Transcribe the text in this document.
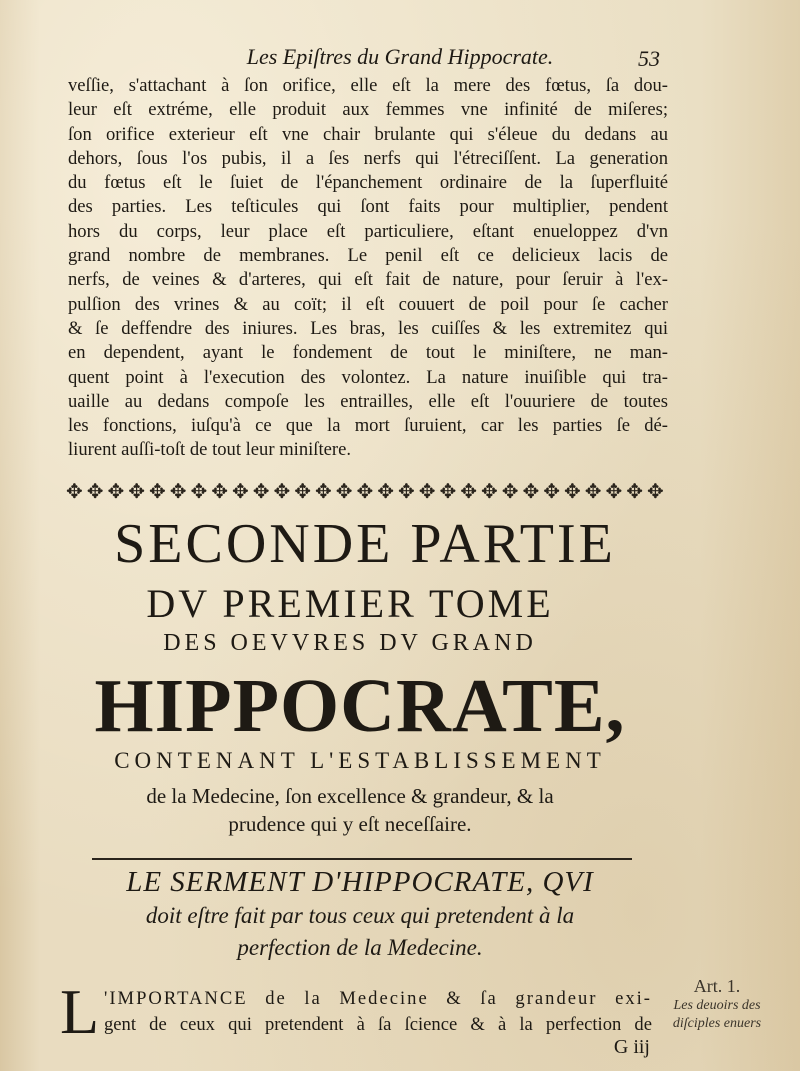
Les Epiſtres du Grand Hippocrate.	53
veſſie, s'attachant à ſon orifice, elle eſt la mere des fœtus, ſa dou-
leur eſt extréme, elle produit aux femmes vne infinité de miſeres;
ſon orifice exterieur eſt vne chair brulante qui s'éleue du dedans au
dehors, ſous l'os pubis, il a ſes nerfs qui l'étreciſſent. La generation
du fœtus eſt le ſuiet de l'épanchement ordinaire de la ſuperfluité
des parties. Les teſticules qui ſont faits pour multiplier, pendent
hors du corps, leur place eſt particuliere, eſtant enueloppez d'vn
grand nombre de membranes. Le penil eſt ce delicieux lacis de
nerfs, de veines & d'arteres, qui eſt fait de nature, pour ſeruir à l'ex-
pulſion des vrines & au coït; il eſt couuert de poil pour ſe cacher
& ſe deffendre des iniures. Les bras, les cuiſſes & les extremitez qui
en dependent, ayant le fondement de tout le miniſtere, ne man-
quent point à l'execution des volontez. La nature inuiſible qui tra-
uaille au dedans compoſe les entrailles, elle eſt l'ouuriere de toutes
les fonctions, iuſqu'à ce que la mort ſuruient, car les parties ſe dé-
liurent auſſi-toſt de tout leur miniſtere.
✥ ✥ ✥ ✥ ✥ ✥ ✥ ✥ ✥ ✥ ✥ ✥ ✥ ✥ ✥ ✥ ✥ ✥ ✥ ✥ ✥ ✥ ✥ ✥ ✥ ✥ ✥ ✥ ✥
SECONDE PARTIE
DV PREMIER TOME
DES OEVVRES DV GRAND
HIPPOCRATE,
CONTENANT L'ESTABLISSEMENT
de la Medecine, ſon excellence & grandeur, & la
prudence qui y eſt neceſſaire.
LE SERMENT D'HIPPOCRATE, QVI
doit eſtre fait par tous ceux qui pretendent à la
perfection de la Medecine.
L 'IMPORTANCE de la Medecine & ſa grandeur exi-
gent de ceux qui pretendent à ſa ſcience & à la perfection de
G iij
Art. 1.
Les deuoirs des diſciples enuers
